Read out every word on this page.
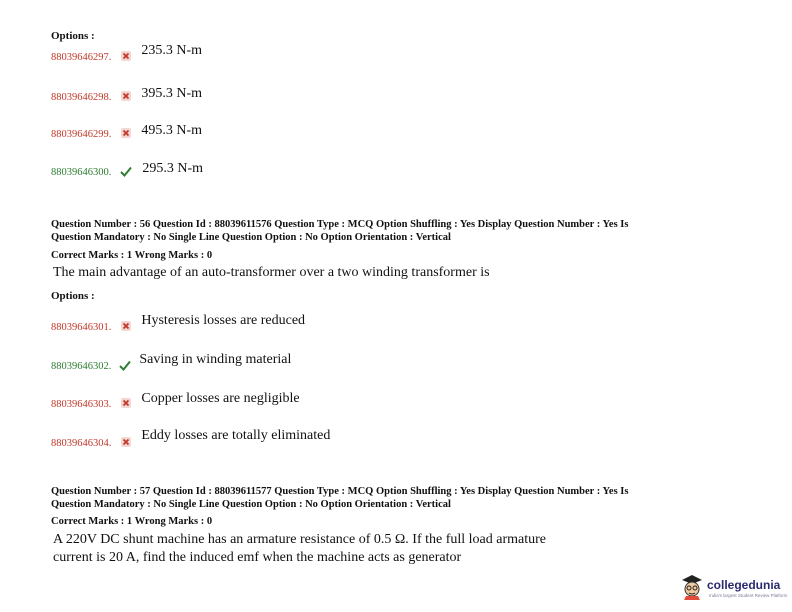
Options :
88039646297. 235.3 N-m
88039646298. 395.3 N-m
88039646299. 495.3 N-m
88039646300. 295.3 N-m
Question Number : 56 Question Id : 88039611576 Question Type : MCQ Option Shuffling : Yes Display Question Number : Yes Is
Question Mandatory : No Single Line Question Option : No Option Orientation : Vertical
Correct Marks : 1 Wrong Marks : 0
The main advantage of an auto-transformer over a two winding transformer is
Options :
$_{88039646301.}$ Hysteresis losses are reduced
$_{88039646302.}$ Saving in winding material
$_{88039646303.}$ Copper losses are negligible
$_{88039646304.}$  Eddy losses are totally eliminated
Question Number : 57 Question Id : 88039611577 Question Type : MCQ Option Shuffling : Yes Display Question Number : Yes Is
Question Mandatory : No Single Line Question Option : No Option Orientation : Vertical
Correct Marks : 1 Wrong Marks : 0
A 220V DC shunt machine has an armature resistance of 0.5 Ω. If the full load armature
current is 20 A, find the induced emf when the machine acts as generator
collegedunia
India's largest Student Review Platform
